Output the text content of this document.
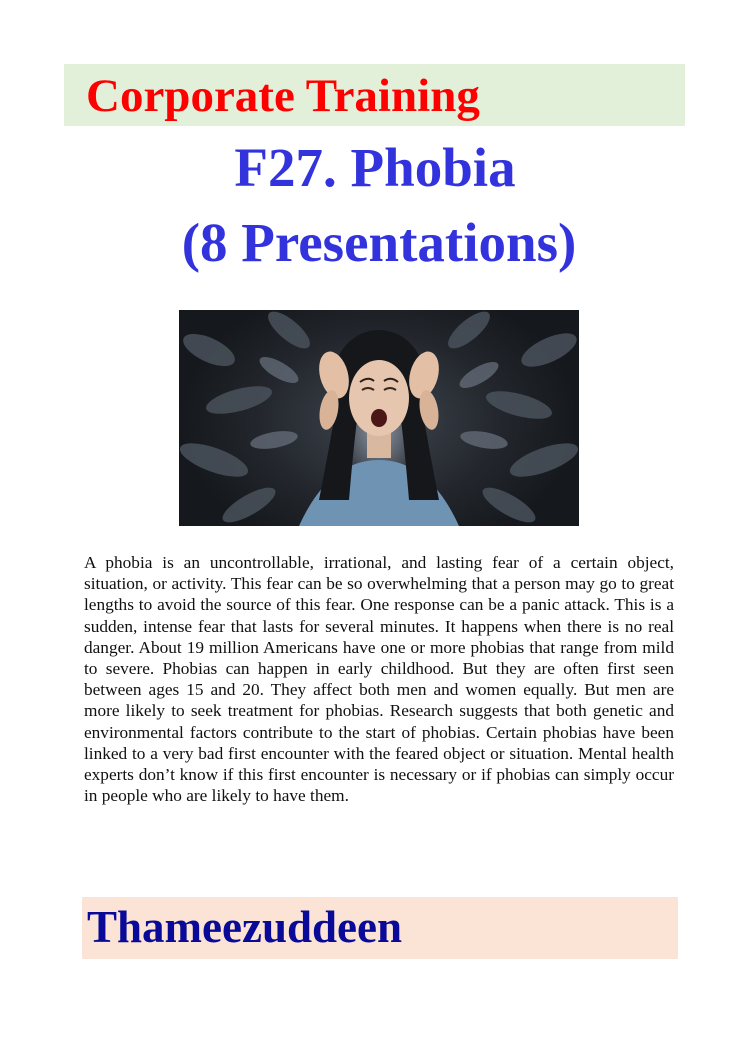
Corporate Training
F27. Phobia
(8 Presentations)
A phobia is an uncontrollable, irrational, and lasting fear of a certain object, situation, or activity. This fear can be so overwhelming that a person may go to great lengths to avoid the source of this fear. One response can be a panic attack. This is a sudden, intense fear that lasts for several minutes. It happens when there is no real danger. About 19 million Americans have one or more phobias that range from mild to severe. Phobias can happen in early childhood. But they are often first seen between ages 15 and 20. They affect both men and women equally. But men are more likely to seek treatment for phobias. Research suggests that both genetic and environmental factors contribute to the start of phobias. Certain phobias have been linked to a very bad first encounter with the feared object or situation. Mental health experts don’t know if this first encounter is necessary or if phobias can simply occur in people who are likely to have them.
Thameezuddeen
